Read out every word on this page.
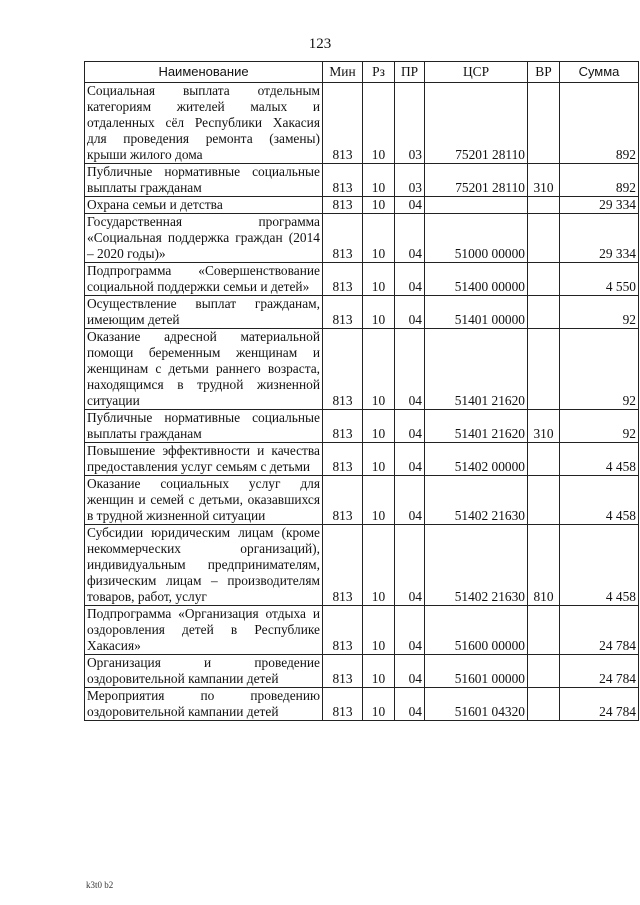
123
Наименование	Мин	Рз	ПР	ЦСР	ВР	Сумма
Социальная выплата отдельным категориям жителей малых и отдаленных сёл Республики Хакасия для проведения ремонта (замены) крыши жилого дома	813	10	03	75201 28110		892
Публичные нормативные социальные выплаты гражданам	813	10	03	75201 28110	310	892
Охрана семьи и детства	813	10	04			29 334
Государственная программа «Социальная поддержка граждан (2014 – 2020 годы)»	813	10	04	51000 00000		29 334
Подпрограмма «Совершенствование социальной поддержки семьи и детей»	813	10	04	51400 00000		4 550
Осуществление выплат гражданам, имеющим детей	813	10	04	51401 00000		92
Оказание адресной материальной помощи беременным женщинам и женщинам с детьми раннего возраста, находящимся в трудной жизненной ситуации	813	10	04	51401 21620		92
Публичные нормативные социальные выплаты гражданам	813	10	04	51401 21620	310	92
Повышение эффективности и качества предоставления услуг семьям с детьми	813	10	04	51402 00000		4 458
Оказание социальных услуг для женщин и семей с детьми, оказавшихся в трудной жизненной ситуации	813	10	04	51402 21630		4 458
Субсидии юридическим лицам (кроме некоммерческих организаций), индивидуальным предпринимателям, физическим лицам – производителям товаров, работ, услуг	813	10	04	51402 21630	810	4 458
Подпрограмма «Организация отдыха и оздоровления детей в Республике Хакасия»	813	10	04	51600 00000		24 784
Организация и проведение оздоровительной кампании детей	813	10	04	51601 00000		24 784
Мероприятия по проведению оздоровительной кампании детей	813	10	04	51601 04320		24 784
k3t0 b2
